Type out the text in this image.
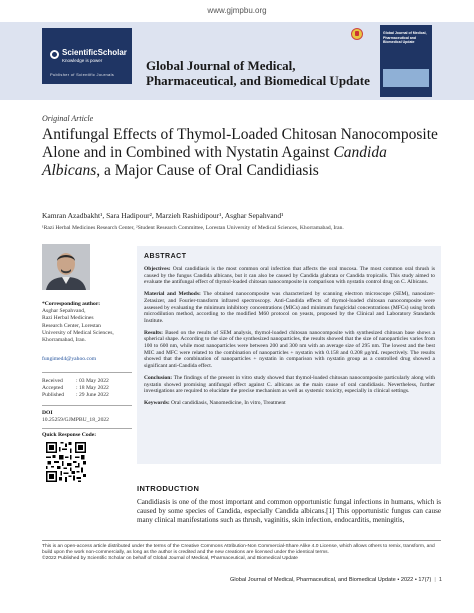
www.gjmpbu.org
ScientificScholar
Knowledge is power
Publisher of Scientific Journals
Global Journal of Medical, Pharmaceutical, and Biomedical Update
Global Journal of Medical, Pharmaceutical and Biomedical Update
Original Article
Antifungal Effects of Thymol-Loaded Chitosan Nanocomposite Alone and in Combined with Nystatin Against Candida Albicans, a Major Cause of Oral Candidiasis
Kamran Azadbakht¹, Sara Hadipour², Marzieh Rashidipour¹, Asghar Sepahvand¹
¹Razi Herbal Medicines Research Center, ²Student Research Committee, Lorestan University of Medical Sciences, Khorramabad, Iran.
*Corresponding author:
Asghar Sepahvand,
Razi Herbal Medicines
Research Center, Lorestan
University of Medical Sciences,
Khorramabad, Iran.
fungimed4@yahoo.com
Received	: 03 May 2022
Accepted	: 18 May 2022
Published	: 29 June 2022
DOI
10.25259/GJMPBU_18_2022
Quick Response Code:
ABSTRACT

Objectives: Oral candidiasis is the most common oral infection that affects the oral mucosa. The most common oral thrush is caused by the fungus Candida albicans, but it can also be caused by Candida glabrata or Candida tropicalis. This study aimed to evaluate the antifungal effect of thymol-loaded chitosan nanocomposite in comparison with nystatin control drug on C. Albicans.

Material and Methods: The obtained nanocomposite was characterized by scanning electron microscope (SEM), nanosizer-Zetasizer, and Fourier-transform infrared spectroscopy. Anti-Candida effects of thymol-loaded chitosan nanocomposite were assessed by evaluating the minimum inhibitory concentrations (MICs) and minimum fungicidal concentrations (MFCs) using broth microdilution method, according to the modified M60 protocol on yeasts, proposed by the Clinical and Laboratory Standards Institute.

Results: Based on the results of SEM analysis, thymol-loaded chitosan nanocomposite with synthesized chitosan base shows a spherical shape. According to the size of the synthesized nanoparticles, the results showed that the size of nanoparticles varies from 100 to 600 nm, while most nanoparticles were between 200 and 300 nm with an average size of 295 nm. The lowest and the best MIC and MFC were related to the combination of nanoparticles + nystatin with 0.158 and 0.208 μg/mL respectively. The results showed that the combination of nanoparticles + nystatin in comparison with nystatin group as a controlled drug showed a significant anti-Candida effect.

Conclusion: The findings of the present in vitro study showed that thymol-loaded chitosan nanocomposite particularly along with nystatin showed promising antifungal effect against C. albicans as the main cause of oral candidiasis. Nevertheless, further investigations are required to elucidate the precise mechanism as well as systemic toxicity, especially in clinical settings.

Keywords: Oral candidiasis, Nanomedicine, In vitro, Treatment

INTRODUCTION
Candidiasis is one of the most important and common opportunistic fungal infections in humans, which is caused by some species of Candida, especially Candida albicans.[1] This opportunistic fungus can cause many clinical manifestations such as thrush, vaginitis, skin infection, endocarditis, meningitis,
This is an open-access article distributed under the terms of the Creative Commons Attribution-Non Commercial-Share Alike 4.0 License, which allows others to remix, transform, and build upon the work non-commercially, as long as the author is credited and the new creations are licensed under the identical terms.
©2022 Published by Scientific Scholar on behalf of Global Journal of Medical, Pharmaceutical, and Biomedical Update
Global Journal of Medical, Pharmaceutical, and Biomedical Update • 2022 • 17(7) | 1
